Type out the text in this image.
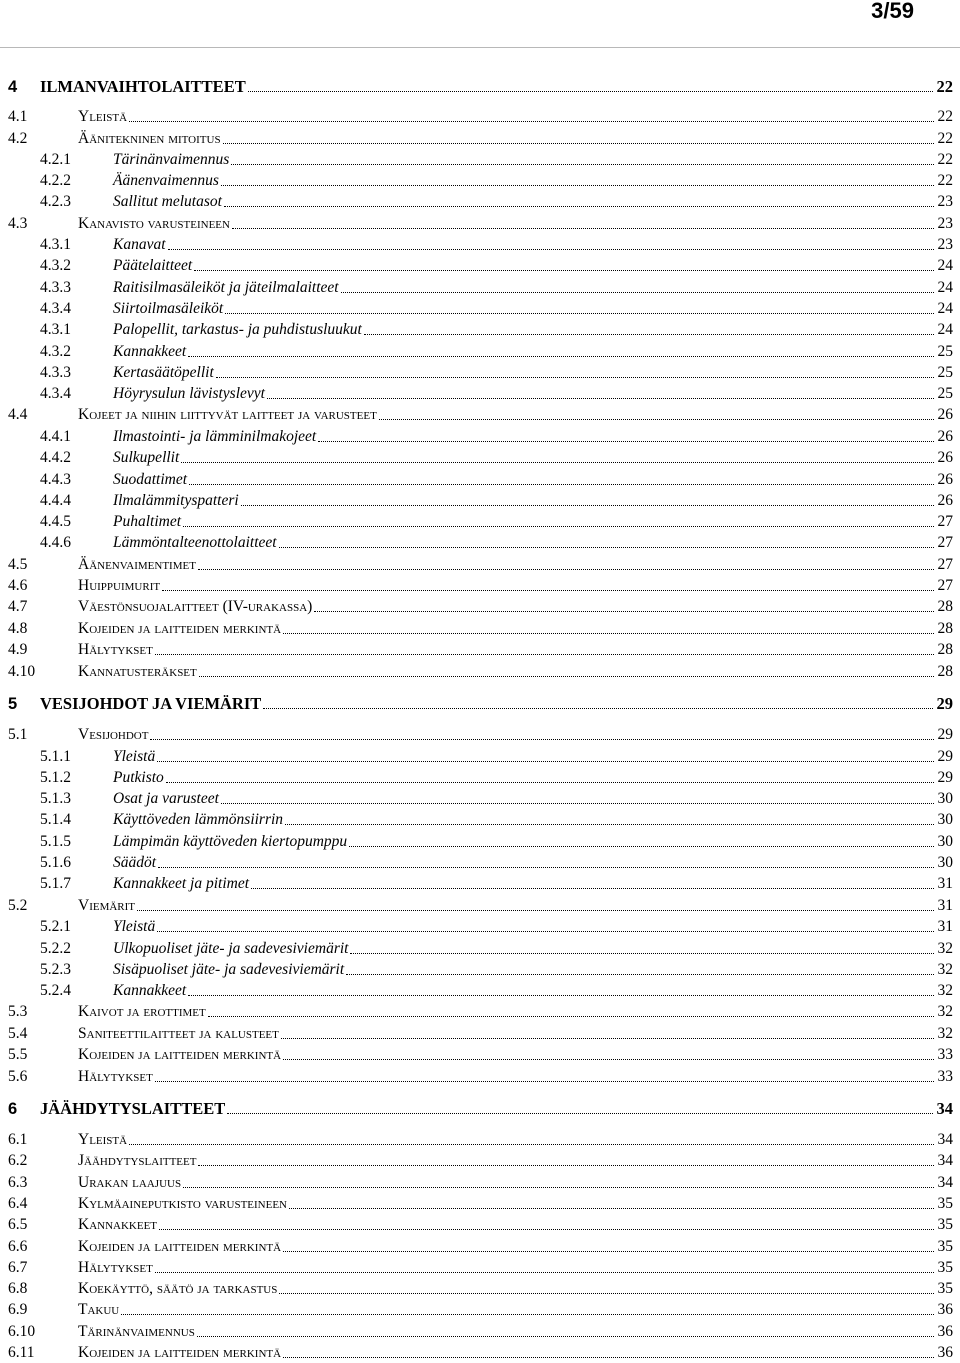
3/59
4 ILMANVAIHTOLAITTEET	22
4.1	Yleistä	22
4.2	Äänitekninen mitoitus	22
4.2.1	Tärinänvaimennus	22
4.2.2	Äänenvaimennus	22
4.2.3	Sallitut melutasot	23
4.3	Kanavisto varusteineen	23
4.3.1	Kanavat	23
4.3.2	Päätelaitteet	24
4.3.3	Raitisilmasäleiköt ja jäteilmalaitteet	24
4.3.4	Siirtoilmasäleiköt	24
4.3.1	Palopellit, tarkastus- ja puhdistusluukut	24
4.3.2	Kannakkeet	25
4.3.3	Kertasäätöpellit	25
4.3.4	Höyrysulun lävistyslevyt	25
4.4	Kojeet ja niihin liittyvät laitteet ja varusteet	26
4.4.1	Ilmastointi- ja lämminilmakojeet	26
4.4.2	Sulkupellit	26
4.4.3	Suodattimet	26
4.4.4	Ilmalämmityspatteri	26
4.4.5	Puhaltimet	27
4.4.6	Lämmöntalteenottolaitteet	27
4.5	Äänenvaimentimet	27
4.6	Huippuimurit	27
4.7	Väestönsuojalaitteet (IV-urakassa)	28
4.8	Kojeiden ja laitteiden merkintä	28
4.9	Hälytykset	28
4.10	Kannatusteräkset	28
5 VESIJOHDOT JA VIEMÄRIT	29
5.1	Vesijohdot	29
5.1.1	Yleistä	29
5.1.2	Putkisto	29
5.1.3	Osat ja varusteet	30
5.1.4	Käyttöveden lämmönsiirrin	30
5.1.5	Lämpimän käyttöveden kiertopumppu	30
5.1.6	Säädöt	30
5.1.7	Kannakkeet ja pitimet	31
5.2	Viemärit	31
5.2.1	Yleistä	31
5.2.2	Ulkopuoliset jäte- ja sadevesiviemärit	32
5.2.3	Sisäpuoliset jäte- ja sadevesiviemärit	32
5.2.4	Kannakkeet	32
5.3	Kaivot ja erottimet	32
5.4	Saniteettilaitteet ja kalusteet	32
5.5	Kojeiden ja laitteiden merkintä	33
5.6	Hälytykset	33
6 JÄÄHDYTYSLAITTEET	34
6.1	Yleistä	34
6.2	Jäähdytyslaitteet	34
6.3	Urakan laajuus	34
6.4	Kylmäaineputkisto varusteineen	35
6.5	Kannakkeet	35
6.6	Kojeiden ja laitteiden merkintä	35
6.7	Hälytykset	35
6.8	Koekäyttö, säätö ja tarkastus	35
6.9	Takuu	36
6.10	Tärinänvaimennus	36
6.11	Kojeiden ja laitteiden merkintä	36
